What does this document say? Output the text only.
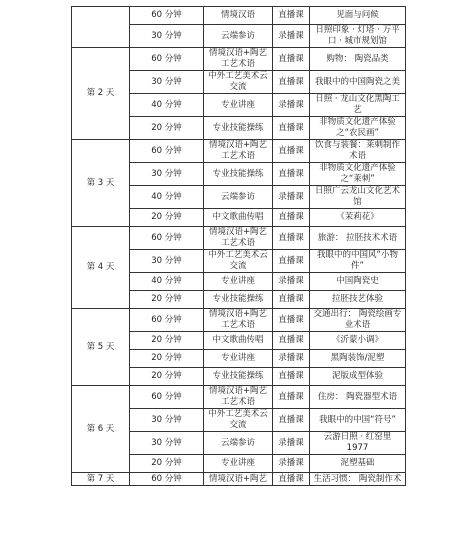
	60 分钟	情境汉语	直播课	见面与问候
	30 分钟	云端参访	录播课	日照印象 · 灯塔 · 万平口 · 城市规划馆
第 2 天	60 分钟	情境汉语+陶艺工艺术语	直播课	购物： 陶瓷品类
	30 分钟	中外工艺美术云交流	直播课	我眼中的中国陶瓷之美
	40 分钟	专业讲座	录播课	日照 · 龙山文化黑陶工艺
	20 分钟	专业技能操练	直播课	非物质文化遗产体验之“农民画”
第 3 天	60 分钟	情境汉语+陶艺工艺术语	直播课	饮食与装餐：莱刺制作术语
	30 分钟	专业技能操练	直播课	非物质文化遗产体验之“莱刺”
	40 分钟	云端参访	录播课	日照广云龙山文化艺术馆
	20 分钟	中文歌曲传唱	直播课	《茉莉花》
第 4 天	60 分钟	情境汉语+陶艺工艺术语	直播课	旅游： 拉胚技术术语
	30 分钟	中外工艺美术云交流	直播课	我眼中的中国风“小物件”
	40 分钟	专业讲座	录播课	中国陶瓷史
	20 分钟	专业技能操练	直播课	拉胚技艺体验
第 5 天	60 分钟	情境汉语+陶艺工艺术语	直播课	交通出行： 陶瓷绘画专业术语
	20 分钟	中文歌曲传唱	直播课	《沂蒙小调》
	20 分钟	专业讲座	录播课	黑陶装饰/泥塑
	20 分钟	专业技能操练	直播课	泥版成型体验
第 6 天	60 分钟	情境汉语+陶艺工艺术语	直播课	住房： 陶瓷器型术语
	30 分钟	中外工艺美术云交流	直播课	我眼中的中国“符号”
	30 分钟	云端参访	录播课	云游日照 · 红窑里 1977
	20 分钟	专业讲座	录播课	泥塑基础
第 7 天	60 分钟	情境汉语+陶艺	直播课	生活习惯： 陶瓷制作术
